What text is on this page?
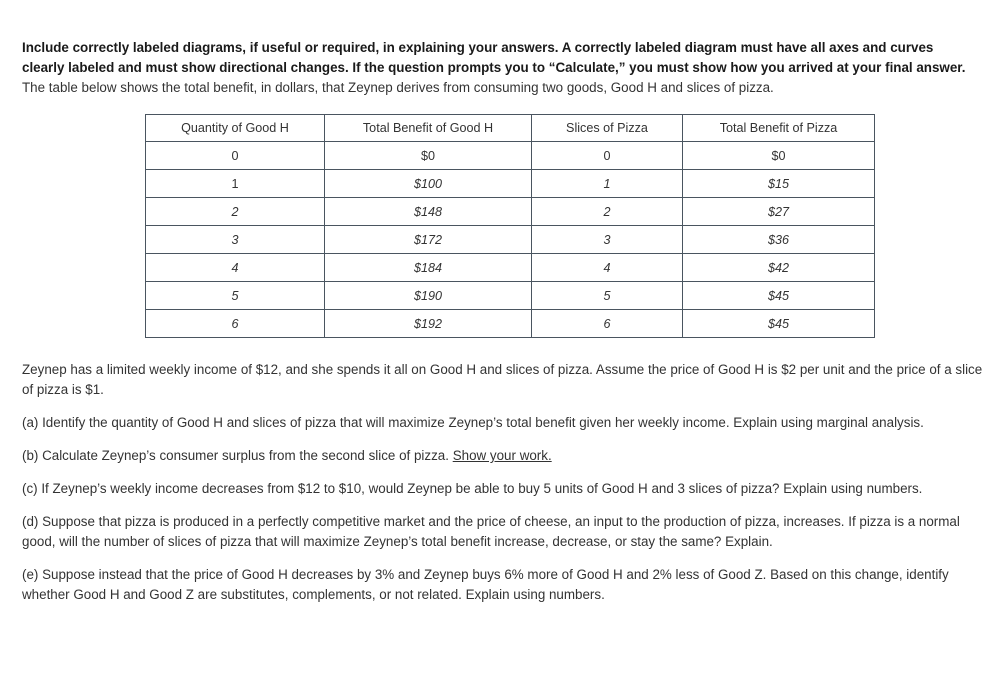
Include correctly labeled diagrams, if useful or required, in explaining your answers. A correctly labeled diagram must have all axes and curves clearly labeled and must show directional changes. If the question prompts you to “Calculate,” you must show how you arrived at your final answer.

The table below shows the total benefit, in dollars, that Zeynep derives from consuming two goods, Good H and slices of pizza.

Quantity of Good H	Total Benefit of Good H	Slices of Pizza	Total Benefit of Pizza
0	$0	0	$0
1	$100	1	$15
2	$148	2	$27
3	$172	3	$36
4	$184	4	$42
5	$190	5	$45
6	$192	6	$45

Zeynep has a limited weekly income of $12, and she spends it all on Good H and slices of pizza. Assume the price of Good H is $2 per unit and the price of a slice of pizza is $1.

(a) Identify the quantity of Good H and slices of pizza that will maximize Zeynep’s total benefit given her weekly income. Explain using marginal analysis.

(b) Calculate Zeynep’s consumer surplus from the second slice of pizza. Show your work.

(c) If Zeynep’s weekly income decreases from $12 to $10, would Zeynep be able to buy 5 units of Good H and 3 slices of pizza? Explain using numbers.

(d) Suppose that pizza is produced in a perfectly competitive market and the price of cheese, an input to the production of pizza, increases. If pizza is a normal good, will the number of slices of pizza that will maximize Zeynep’s total benefit increase, decrease, or stay the same? Explain.

(e) Suppose instead that the price of Good H decreases by 3% and Zeynep buys 6% more of Good H and 2% less of Good Z. Based on this change, identify whether Good H and Good Z are substitutes, complements, or not related. Explain using numbers.
